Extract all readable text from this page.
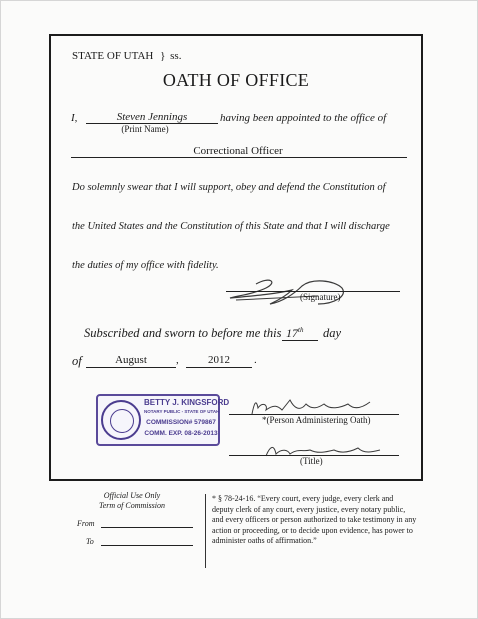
STATE OF UTAH } ss.
OATH OF OFFICE
I,	Steven Jennings	having been appointed to the office of
(Print Name)
Correctional Officer
Do solemnly swear that I will support, obey and defend the Constitution of
the United States and the Constitution of this State and that I will discharge
the duties of my office with fidelity.
(Signature)
Subscribed and sworn to before me this 17th day
of	August	,	2012	.
BETTY J. KINGSFORD
NOTARY PUBLIC - STATE OF UTAH
COMMISSION# 579867
COMM. EXP. 08-26-2013
*(Person Administering Oath)
(Title)
Official Use Only
Term of Commission
From
To
* § 78-24-16. “Every court, every judge, every clerk and deputy clerk of any court, every justice, every notary public, and every officers or person authorized to take testimony in any action or proceeding, or to decide upon evidence, has power to administer oaths of affirmation.”
